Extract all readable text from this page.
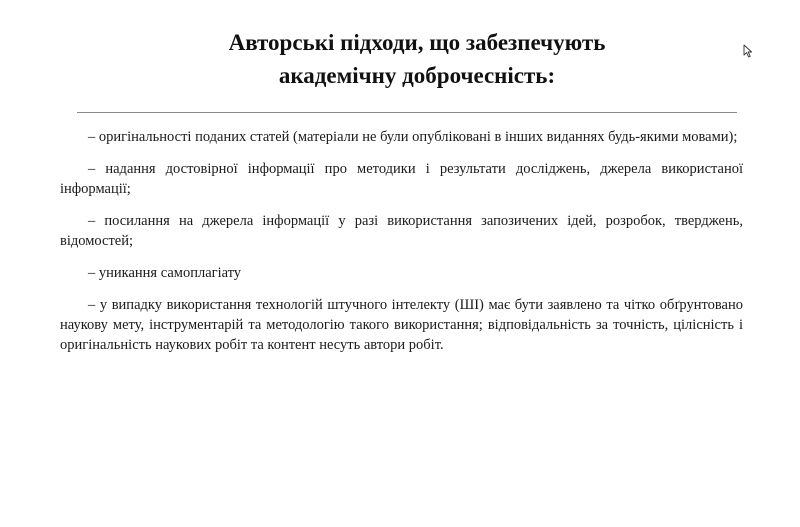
Авторські підходи, що забезпечують
академічну доброчесність:
– оригінальності поданих статей (матеріали не були опубліковані в інших виданнях будь-якими мовами);
– надання достовірної інформації про методики і результати досліджень, джерела використаної інформації;
– посилання на джерела інформації у разі використання запозичених ідей, розробок, тверджень, відомостей;
– уникання самоплагіату
– у випадку використання технологій штучного інтелекту (ШІ) має бути заявлено та чітко обґрунтовано наукову мету, інструментарій та методологію такого використання; відповідальність за точність, цілісність і оригінальність наукових робіт та контент несуть автори робіт.
